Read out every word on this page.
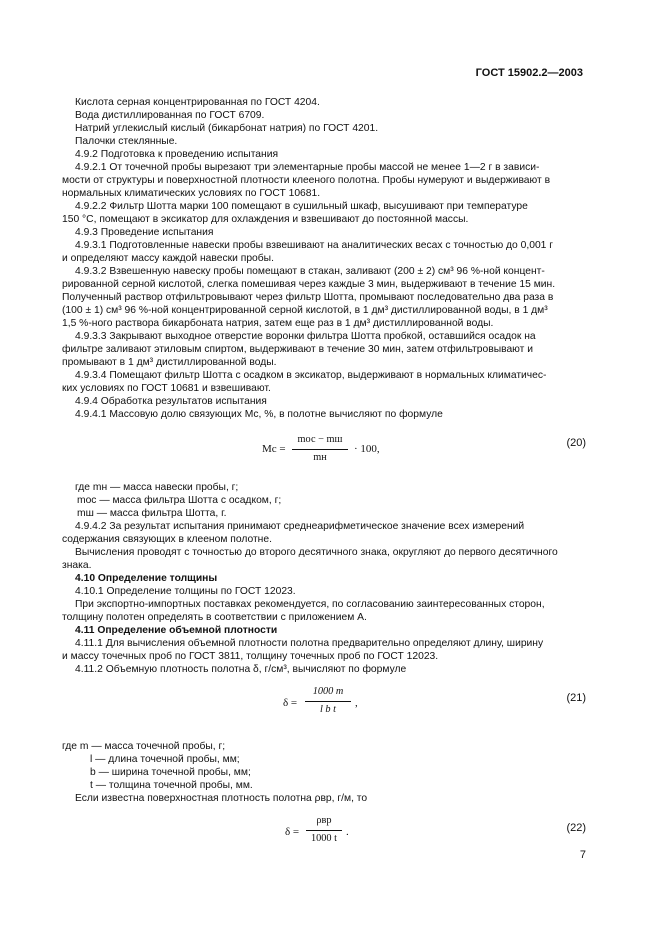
ГОСТ 15902.2—2003
Кислота серная концентрированная по ГОСТ 4204.
Вода дистиллированная по ГОСТ 6709.
Натрий углекислый кислый (бикарбонат натрия) по ГОСТ 4201.
Палочки стеклянные.
4.9.2 Подготовка к проведению испытания
4.9.2.1 От точечной пробы вырезают три элементарные пробы массой не менее 1—2 г в зависи-
мости от структуры и поверхностной плотности клееного полотна. Пробы нумеруют и выдерживают в
нормальных климатических условиях по ГОСТ 10681.
4.9.2.2 Фильтр Шотта марки 100 помещают в сушильный шкаф, высушивают при температуре
150 °С, помещают в эксикатор для охлаждения и взвешивают до постоянной массы.
4.9.3 Проведение испытания
4.9.3.1 Подготовленные навески пробы взвешивают на аналитических весах с точностью до 0,001 г
и определяют массу каждой навески пробы.
4.9.3.2 Взвешенную навеску пробы помещают в стакан, заливают (200 ± 2) см³ 96 %-ной концент-
рированной серной кислотой, слегка помешивая через каждые 3 мин, выдерживают в течение 15 мин.
Полученный раствор отфильтровывают через фильтр Шотта, промывают последовательно два раза в
(100 ± 1) см³ 96 %-ной концентрированной серной кислотой, в 1 дм³ дистиллированной воды, в 1 дм³
1,5 %-ного раствора бикарбоната натрия, затем еще раз в 1 дм³ дистиллированной воды.
4.9.3.3 Закрывают выходное отверстие воронки фильтра Шотта пробкой, оставшийся осадок на
фильтре заливают этиловым спиртом, выдерживают в течение 30 мин, затем отфильтровывают и
промывают в 1 дм³ дистиллированной воды.
4.9.3.4 Помещают фильтр Шотта с осадком в эксикатор, выдерживают в нормальных климатичес-
ких условиях по ГОСТ 10681 и взвешивают.
4.9.4 Обработка результатов испытания
4.9.4.1 Массовую долю связующих Mс, %, в полотне вычисляют по формуле
Mс =
mос − mш
mн
· 100,	(20)
где mн — масса навески пробы, г;
mос — масса фильтра Шотта с осадком, г;
mш — масса фильтра Шотта, г.
4.9.4.2 За результат испытания принимают среднеарифметическое значение всех измерений
содержания связующих в клееном полотне.
Вычисления проводят с точностью до второго десятичного знака, округляют до первого десятичного
знака.
4.10 Определение толщины
4.10.1 Определение толщины по ГОСТ 12023.
При экспортно-импортных поставках рекомендуется, по согласованию заинтересованных сторон,
толщину полотен определять в соответствии с приложением А.
4.11 Определение объемной плотности
4.11.1 Для вычисления объемной плотности полотна предварительно определяют длину, ширину
и массу точечных проб по ГОСТ 3811, толщину точечных проб по ГОСТ 12023.
4.11.2 Объемную плотность полотна δ, г/см³, вычисляют по формуле
δ =
1000 m
l b t
,	(21)
где m — масса точечной пробы, г;
l — длина точечной пробы, мм;
b — ширина точечной пробы, мм;
t — толщина точечной пробы, мм.
Если известна поверхностная плотность полотна ρвр, г/м, то
δ =
ρвр
1000 t
.	(22)
7
